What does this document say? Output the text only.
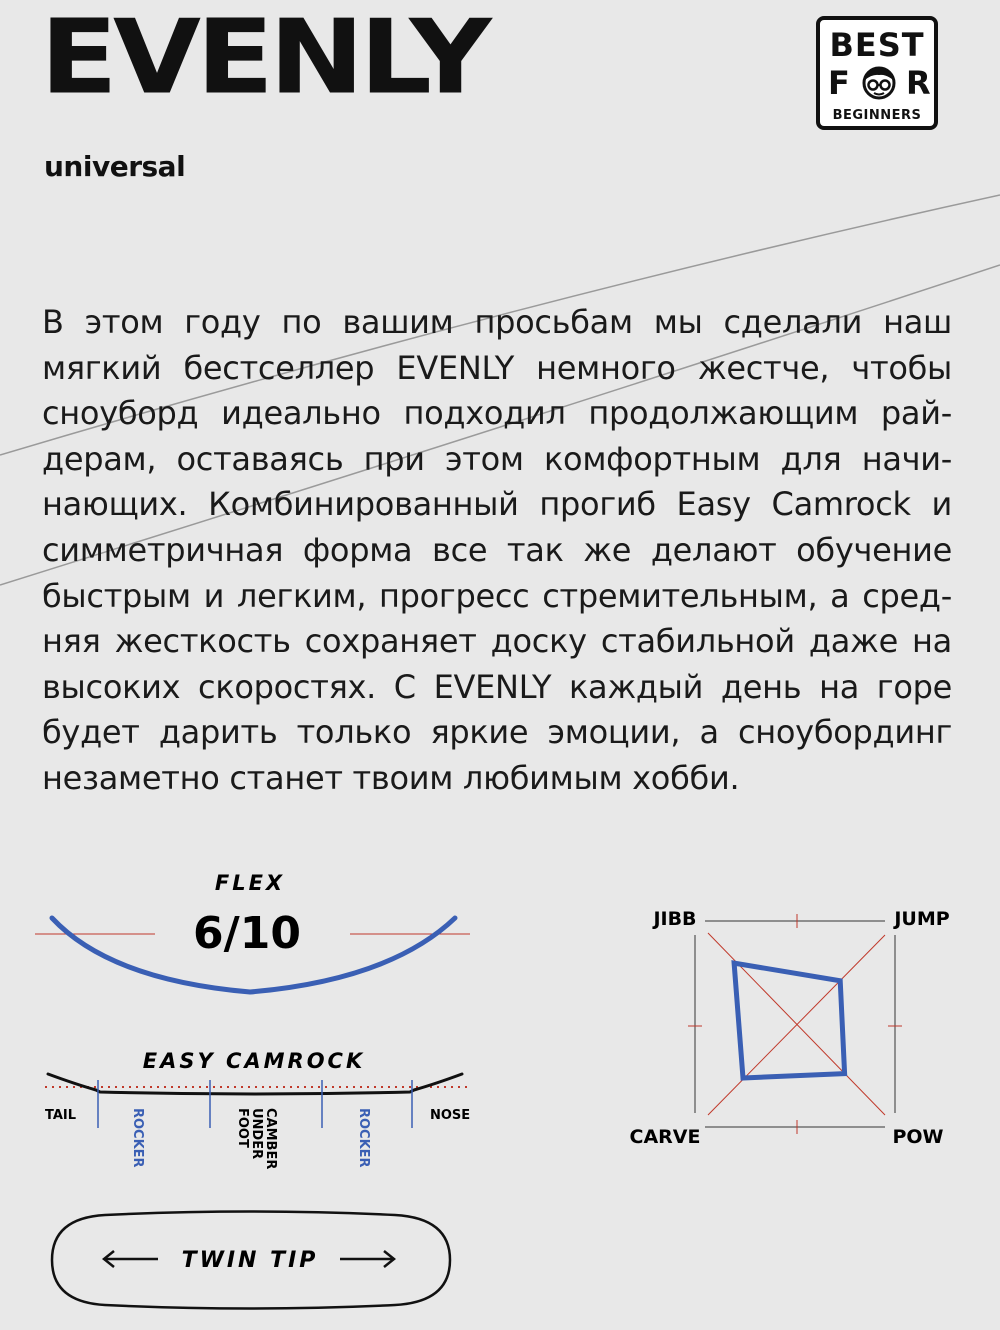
EVENLY
universal
BEST
F R
BEGINNERS
В этом году по вашим просьбам мы сделали наш
мягкий бестселлер EVENLY немного жестче, чтобы
сноуборд идеально подходил продолжающим рай-
дерам, оставаясь при этом комфортным для начи-
нающих. Комбинированный прогиб Easy Camrock и
симметричная форма все так же делают обучение
быстрым и легким, прогресс стремительным, а сред-
няя жесткость сохраняет доску стабильной даже на
высоких скоростях. С EVENLY каждый день на горе
будет дарить только яркие эмоции, а сноубординг
незаметно станет твоим любимым хобби.
FLEX
6/10
EASY CAMROCK
TAIL	NOSE
ROCKER	ROCKER
CAMBER
UNDER
FOOT
TWIN TIP
JIBB	JUMP
CARVE	POW
